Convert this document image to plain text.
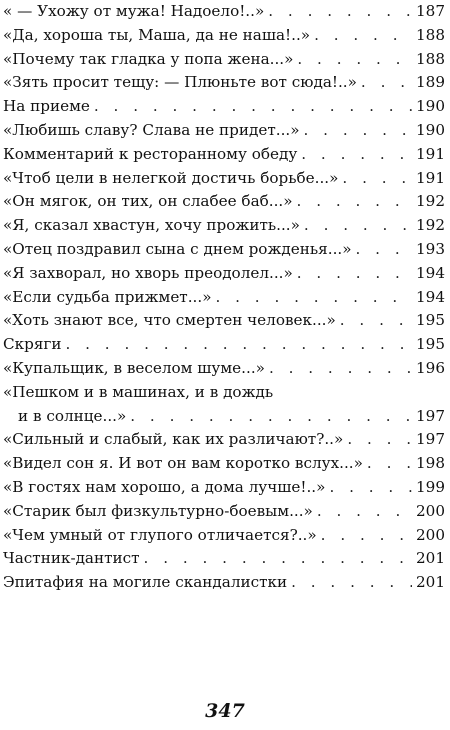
« — Ухожу от мужа! Надоело!..» . . .	187
«Да, хороша ты, Маша, да не наша!..» . . .	188
«Почему так гладка у попа жена...» . . .	188
«Зять просит тещу: — Плюньте вот сюда!..» . . .	189
На приеме . . .	190
«Любишь славу? Слава не придет...» . . .	190
Комментарий к ресторанному обеду . . .	191
«Чтоб цели в нелегкой достичь борьбе...» . . .	191
«Он мягок, он тих, он слабее баб...» . . .	192
«Я, сказал хвастун, хочу прожить...» . . .	192
«Отец поздравил сына с днем рожденья...» . . .	193
«Я захворал, но хворь преодолел...» . . .	194
«Если судьба прижмет...» . . .	194
«Хоть знают все, что смертен человек...» . . .	195
Скряги . . .	195
«Купальщик, в веселом шуме...» . . .	196
«Пешком и в машинах, и в дождь
и в солнце...» . . .	197
«Сильный и слабый, как их различают?..» . . .	197
«Видел сон я. И вот он вам коротко вслух...» . . .	198
«В гостях нам хорошо, а дома лучше!..» . . .	199
«Старик был физкультурно-боевым...» . . .	200
«Чем умный от глупого отличается?..» . . .	200
Частник-дантист . . .	201
Эпитафия на могиле скандалистки . . .	201
347
